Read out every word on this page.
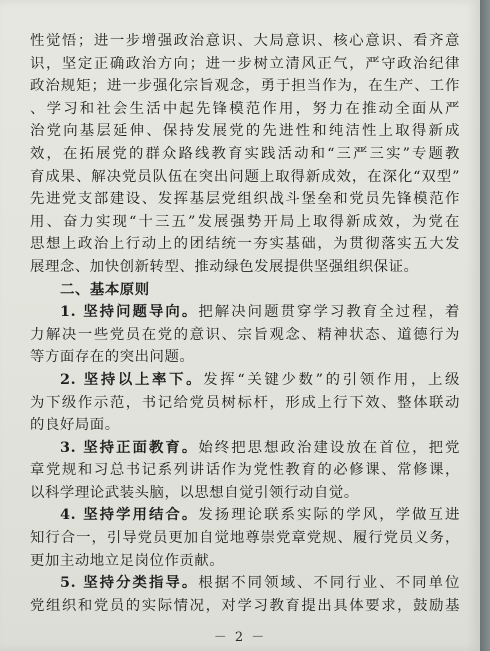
性觉悟；进一步增强政治意识、大局意识、核心意识、看齐意
识，坚定正确政治方向；进一步树立清风正气，严守政治纪律
政治规矩；进一步强化宗旨观念，勇于担当作为，在生产、工作
、学习和社会生活中起先锋模范作用，努力在推动全面从严
治党向基层延伸、保持发展党的先进性和纯洁性上取得新成
效，在拓展党的群众路线教育实践活动和“三严三实”专题教
育成果、解决党员队伍在突出问题上取得新成效，在深化“双型”
先进党支部建设、发挥基层党组织战斗堡垒和党员先锋模范作
用、奋力实现“十三五”发展强势开局上取得新成效，为党在
思想上政治上行动上的团结统一夯实基础，为贯彻落实五大发
展理念、加快创新转型、推动绿色发展提供坚强组织保证。
二、基本原则
1. 坚持问题导向。把解决问题贯穿学习教育全过程，着
力解决一些党员在党的意识、宗旨观念、精神状态、道德行为
等方面存在的突出问题。
2. 坚持以上率下。发挥“关键少数”的引领作用，上级
为下级作示范，书记给党员树标杆，形成上行下效、整体联动
的良好局面。
3. 坚持正面教育。始终把思想政治建设放在首位，把党
章党规和习总书记系列讲话作为党性教育的必修课、常修课，
以科学理论武装头脑，以思想自觉引领行动自觉。
4. 坚持学用结合。发扬理论联系实际的学风，学做互进
知行合一，引导党员更加自觉地尊崇党章党规、履行党员义务，
更加主动地立足岗位作贡献。
5. 坚持分类指导。根据不同领域、不同行业、不同单位
党组织和党员的实际情况，对学习教育提出具体要求，鼓励基
－ 2 －
